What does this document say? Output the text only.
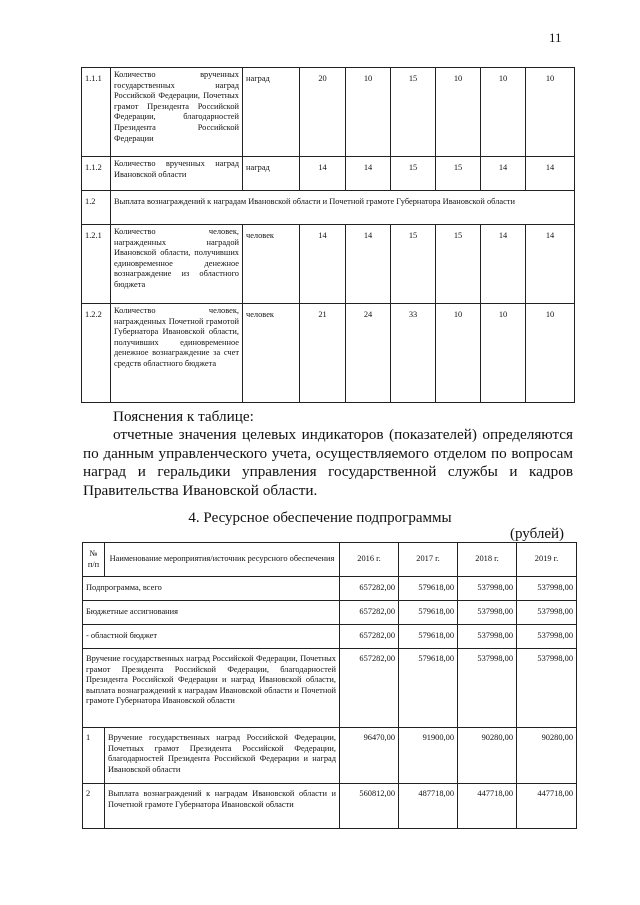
11
1.1.1	Количество врученных государственных наград Российской Федерации, Почетных грамот Президента Российской Федерации, благодарностей Президента Российской Федерации	наград	20	10	15	10	10	10
1.1.2	Количество врученных наград Ивановской области	наград	14	14	15	15	14	14
1.2	Выплата вознаграждений к наградам Ивановской области и Почетной грамоте Губернатора Ивановской области							
1.2.1	Количество человек, награжденных наградой Ивановской области, получивших единовременное денежное вознаграждение из областного бюджета	человек	14	14	15	15	14	14
1.2.2	Количество человек, награжденных Почетной грамотой Губернатора Ивановской области, получивших единовременное денежное вознаграждение за счет средств областного бюджета	человек	21	24	33	10	10	10
Пояснения к таблице:
отчетные значения целевых индикаторов (показателей) определяются по данным управленческого учета, осуществляемого отделом по вопросам наград и геральдики управления государственной службы и кадров Правительства Ивановской области.
4. Ресурсное обеспечение подпрограммы
(рублей)
№ п/п	Наименование мероприятия/источник ресурсного обеспечения	2016 г.	2017 г.	2018 г.	2019 г.
Подпрограмма, всего		657282,00	579618,00	537998,00	537998,00
Бюджетные ассигнования		657282,00	579618,00	537998,00	537998,00
- областной бюджет		657282,00	579618,00	537998,00	537998,00
Вручение государственных наград Российской Федерации, Почетных грамот Президента Российской Федерации, благодарностей Президента Российской Федерации и наград Ивановской области, выплата вознаграждений к наградам Ивановской области и Почетной грамоте Губернатора Ивановской области		657282,00	579618,00	537998,00	537998,00
1	Вручение государственных наград Российской Федерации, Почетных грамот Президента Российской Федерации, благодарностей Президента Российской Федерации и наград Ивановской области	96470,00	91900,00	90280,00	90280,00
2	Выплата вознаграждений к наградам Ивановской области и Почетной грамоте Губернатора Ивановской области	560812,00	487718,00	447718,00	447718,00
